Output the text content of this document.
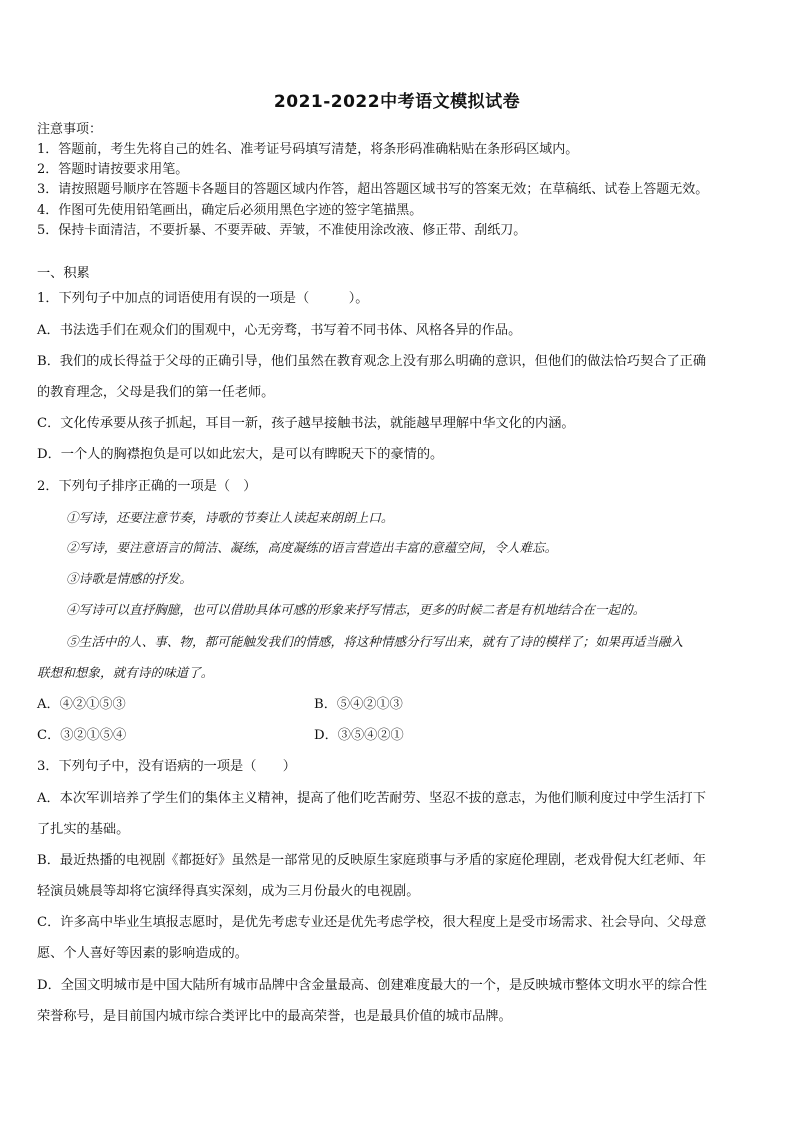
2021-2022中考语文模拟试卷
注意事项：
1．答题前，考生先将自己的姓名、准考证号码填写清楚，将条形码准确粘贴在条形码区域内。
2．答题时请按要求用笔。
3．请按照题号顺序在答题卡各题目的答题区域内作答，超出答题区域书写的答案无效；在草稿纸、试卷上答题无效。
4．作图可先使用铅笔画出，确定后必须用黑色字迹的签字笔描黑。
5．保持卡面清洁，不要折暴、不要弄破、弄皱，不准使用涂改液、修正带、刮纸刀。
一、积累
1．下列句子中加点的词语使用有误的一项是（　　　）。
A．书法选手们在观众们的围观中，心无旁骛，书写着不同书体、风格各异的作品。
B．我们的成长得益于父母的正确引导，他们虽然在教育观念上没有那么明确的意识，但他们的做法恰巧契合了正确
的教育理念，父母是我们的第一任老师。
C．文化传承要从孩子抓起，耳目一新，孩子越早接触书法，就能越早理解中华文化的内涵。
D．一个人的胸襟抱负是可以如此宏大，是可以有睥睨天下的豪情的。
2．下列句子排序正确的一项是（　）
①写诗，还要注意节奏，诗歌的节奏让人读起来朗朗上口。
②写诗，要注意语言的简洁、凝练，高度凝练的语言营造出丰富的意蕴空间，令人难忘。
③诗歌是情感的抒发。
④写诗可以直抒胸臆，也可以借助具体可感的形象来抒写情志，更多的时候二者是有机地结合在一起的。
⑤生活中的人、事、物，都可能触发我们的情感，将这种情感分行写出来，就有了诗的模样了；如果再适当融入
联想和想象，就有诗的味道了。
A．④②①⑤③	B．⑤④②①③
C．③②①⑤④	D．③⑤④②①
3．下列句子中，没有语病的一项是（　　）
A．本次军训培养了学生们的集体主义精神，提高了他们吃苦耐劳、坚忍不拔的意志，为他们顺利度过中学生活打下
了扎实的基础。
B．最近热播的电视剧《都挺好》虽然是一部常见的反映原生家庭琐事与矛盾的家庭伦理剧，老戏骨倪大红老师、年
轻演员姚晨等却将它演绎得真实深刻，成为三月份最火的电视剧。
C．许多高中毕业生填报志愿时，是优先考虑专业还是优先考虑学校，很大程度上是受市场需求、社会导向、父母意
愿、个人喜好等因素的影响造成的。
D．全国文明城市是中国大陆所有城市品牌中含金量最高、创建难度最大的一个，是反映城市整体文明水平的综合性
荣誉称号，是目前国内城市综合类评比中的最高荣誉，也是最具价值的城市品牌。
